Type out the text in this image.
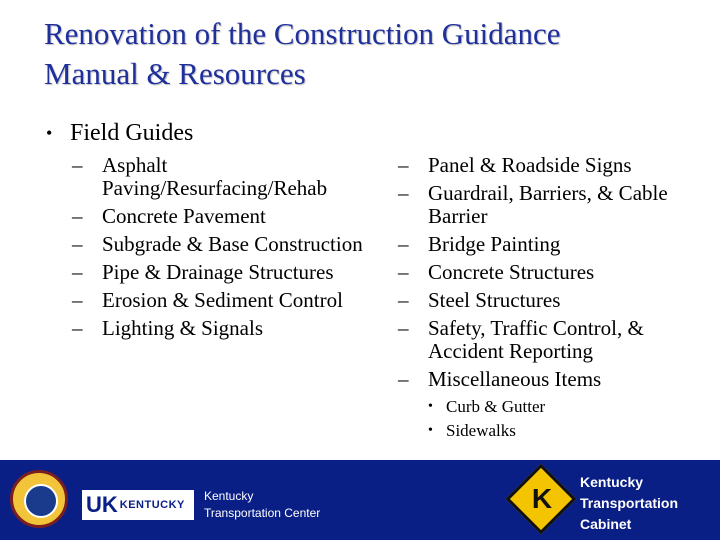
Renovation of the Construction Guidance
Manual & Resources
• Field Guides
– Asphalt Paving/Resurfacing/Rehab
– Concrete Pavement
– Subgrade & Base Construction
– Pipe & Drainage Structures
– Erosion & Sediment Control
– Lighting & Signals
– Panel & Roadside Signs
– Guardrail, Barriers, & Cable Barrier
– Bridge Painting
– Concrete Structures
– Steel Structures
– Safety, Traffic Control, & Accident Reporting
– Miscellaneous Items
• Curb & Gutter
• Sidewalks
UK KENTUCKY
Kentucky
Transportation Center	K
Kentucky
Transportation
Cabinet
